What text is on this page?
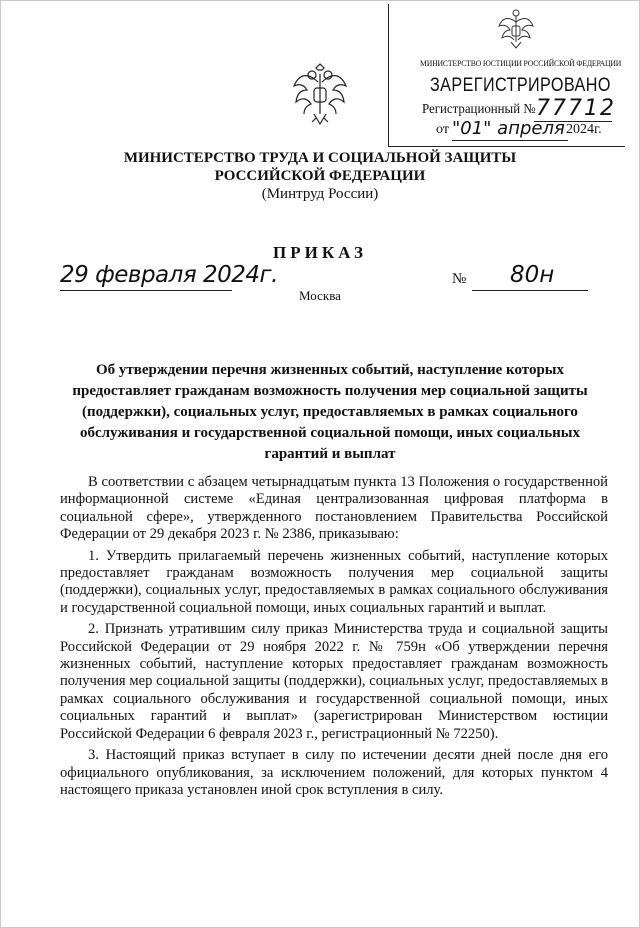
МИНИСТЕРСТВО ЮСТИЦИИ РОССИЙСКОЙ ФЕДЕРАЦИИ
ЗАРЕГИСТРИРОВАНО
Регистрационный № 77712
от "01" апреля 2024г.
МИНИСТЕРСТВО ТРУДА И СОЦИАЛЬНОЙ ЗАЩИТЫ
РОССИЙСКОЙ ФЕДЕРАЦИИ
(Минтруд России)
ПРИКАЗ
29 февраля 2024г.
Москва
№ 80н
Об утверждении перечня жизненных событий, наступление которых предоставляет гражданам возможность получения мер социальной защиты (поддержки), социальных услуг, предоставляемых в рамках социального обслуживания и государственной социальной помощи, иных социальных гарантий и выплат

В соответствии с абзацем четырнадцатым пункта 13 Положения о государственной информационной системе «Единая централизованная цифровая платформа в социальной сфере», утвержденного постановлением Правительства Российской Федерации от 29 декабря 2023 г. № 2386, приказываю:

1. Утвердить прилагаемый перечень жизненных событий, наступление которых предоставляет гражданам возможность получения мер социальной защиты (поддержки), социальных услуг, предоставляемых в рамках социального обслуживания и государственной социальной помощи, иных социальных гарантий и выплат.

2. Признать утратившим силу приказ Министерства труда и социальной защиты Российской Федерации от 29 ноября 2022 г. № 759н «Об утверждении перечня жизненных событий, наступление которых предоставляет гражданам возможность получения мер социальной защиты (поддержки), социальных услуг, предоставляемых в рамках социального обслуживания и государственной социальной помощи, иных социальных гарантий и выплат» (зарегистрирован Министерством юстиции Российской Федерации 6 февраля 2023 г., регистрационный № 72250).

3. Настоящий приказ вступает в силу по истечении десяти дней после дня его официального опубликования, за исключением положений, для которых пунктом 4 настоящего приказа установлен иной срок вступления в силу.
